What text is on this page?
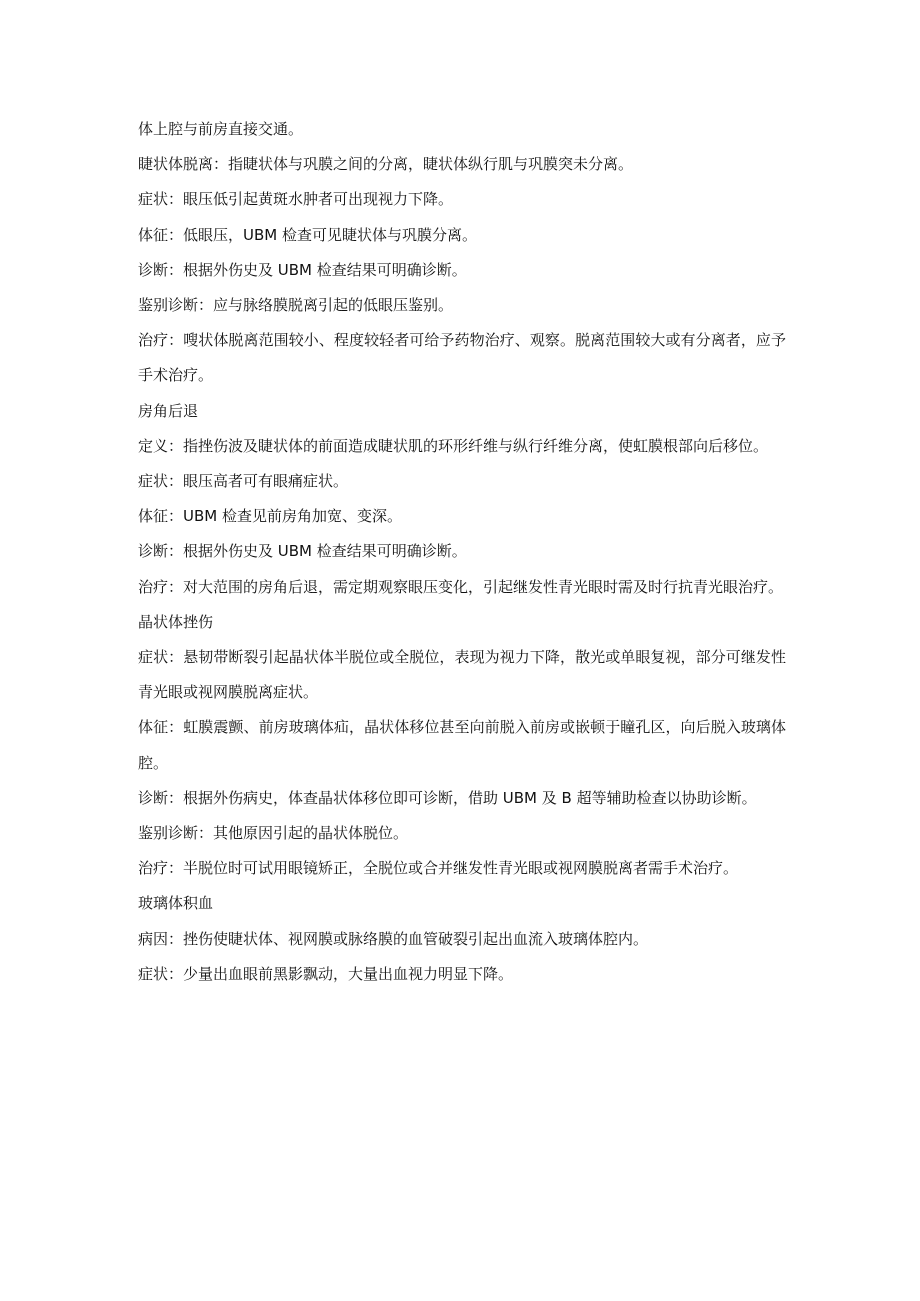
体上腔与前房直接交通。

睫状体脱离：指睫状体与巩膜之间的分离，睫状体纵行肌与巩膜突未分离。

症状：眼压低引起黄斑水肿者可出现视力下降。

体征：低眼压，UBM 检查可见睫状体与巩膜分离。

诊断：根据外伤史及 UBM 检查结果可明确诊断。

鉴别诊断：应与脉络膜脱离引起的低眼压鉴别。

治疗：嗖状体脱离范围较小、程度较轻者可给予药物治疗、观察。脱离范围较大或有分离者，应予手术治疗。

房角后退

定义：指挫伤波及睫状体的前面造成睫状肌的环形纤维与纵行纤维分离，使虹膜根部向后移位。

症状：眼压高者可有眼痛症状。

体征：UBM 检查见前房角加宽、变深。

诊断：根据外伤史及 UBM 检查结果可明确诊断。

治疗：对大范围的房角后退，需定期观察眼压变化，引起继发性青光眼时需及时行抗青光眼治疗。

晶状体挫伤

症状：悬韧带断裂引起晶状体半脱位或全脱位，表现为视力下降，散光或单眼复视，部分可继发性青光眼或视网膜脱离症状。

体征：虹膜震颤、前房玻璃体疝，晶状体移位甚至向前脱入前房或嵌顿于瞳孔区，向后脱入玻璃体腔。

诊断：根据外伤病史，体查晶状体移位即可诊断，借助 UBM 及 B 超等辅助检查以协助诊断。

鉴别诊断：其他原因引起的晶状体脱位。

治疗：半脱位时可试用眼镜矫正，全脱位或合并继发性青光眼或视网膜脱离者需手术治疗。

玻璃体积血

病因：挫伤使睫状体、视网膜或脉络膜的血管破裂引起出血流入玻璃体腔内。

症状：少量出血眼前黑影飘动，大量出血视力明显下降。
